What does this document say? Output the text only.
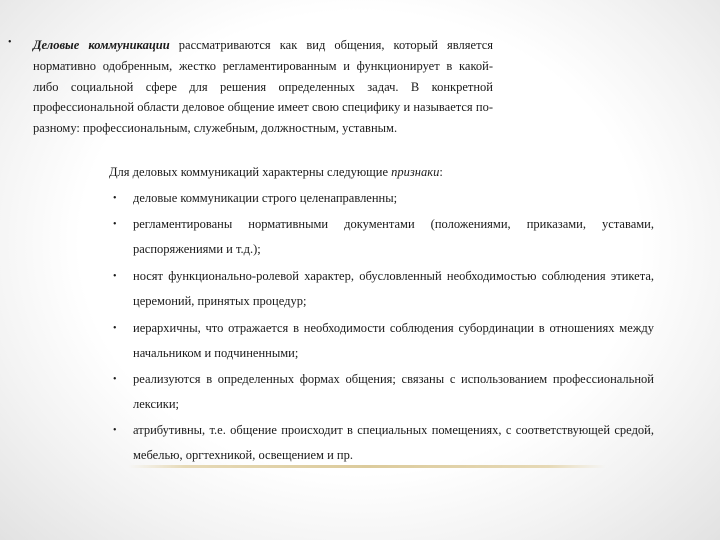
• Деловые коммуникации рассматриваются как вид общения, который является нормативно одобренным, жестко регламентированным и функционирует в какой-либо социальной сфере для решения определенных задач. В конкретной профессиональной области деловое общение имеет свою специфику и называется по-разному: профессиональным, служебным, должностным, уставным.
Для деловых коммуникаций характерны следующие признаки:
• деловые коммуникации строго целенаправленны;
• регламентированы нормативными документами (положениями, приказами, уставами, распоряжениями и т.д.);
• носят функционально-ролевой характер, обусловленный необходимостью соблюдения этикета, церемоний, принятых процедур;
• иерархичны, что отражается в необходимости соблюдения субординации в отношениях между начальником и подчиненными;
• реализуются в определенных формах общения; связаны с использованием профессиональной лексики;
• атрибутивны, т.е. общение происходит в специальных помещениях, с соответствующей средой, мебелью, оргтехникой, освещением и пр.
